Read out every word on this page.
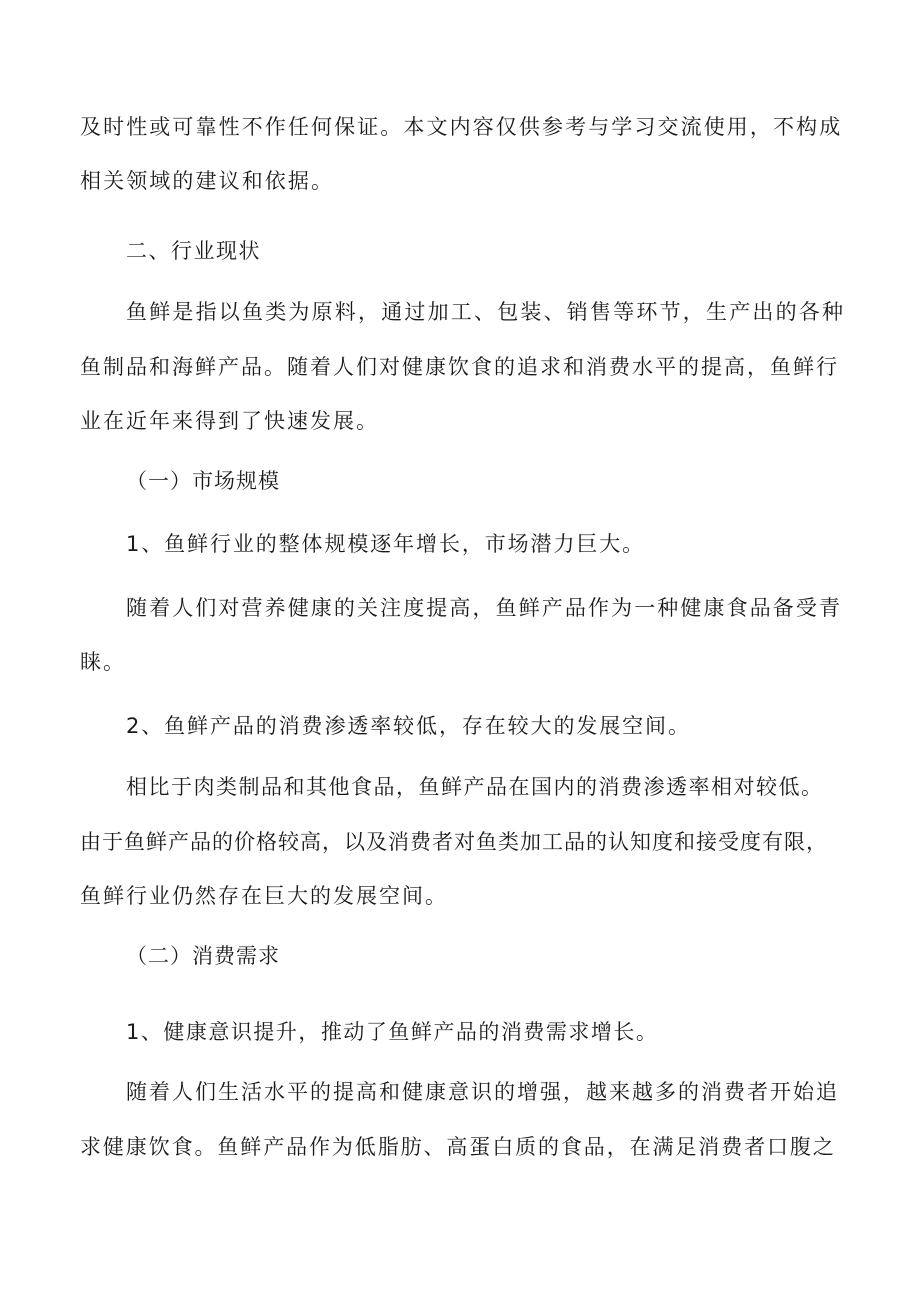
及时性或可靠性不作任何保证。本文内容仅供参考与学习交流使用，不构成
相关领域的建议和依据。
二、行业现状
鱼鲜是指以鱼类为原料，通过加工、包装、销售等环节，生产出的各种
鱼制品和海鲜产品。随着人们对健康饮食的追求和消费水平的提高，鱼鲜行
业在近年来得到了快速发展。
（一）市场规模
1、鱼鲜行业的整体规模逐年增长，市场潜力巨大。
随着人们对营养健康的关注度提高，鱼鲜产品作为一种健康食品备受青
睐。
2、鱼鲜产品的消费渗透率较低，存在较大的发展空间。
相比于肉类制品和其他食品，鱼鲜产品在国内的消费渗透率相对较低。
由于鱼鲜产品的价格较高，以及消费者对鱼类加工品的认知度和接受度有限，
鱼鲜行业仍然存在巨大的发展空间。
（二）消费需求
1、健康意识提升，推动了鱼鲜产品的消费需求增长。
随着人们生活水平的提高和健康意识的增强，越来越多的消费者开始追
求健康饮食。鱼鲜产品作为低脂肪、高蛋白质的食品，在满足消费者口腹之
